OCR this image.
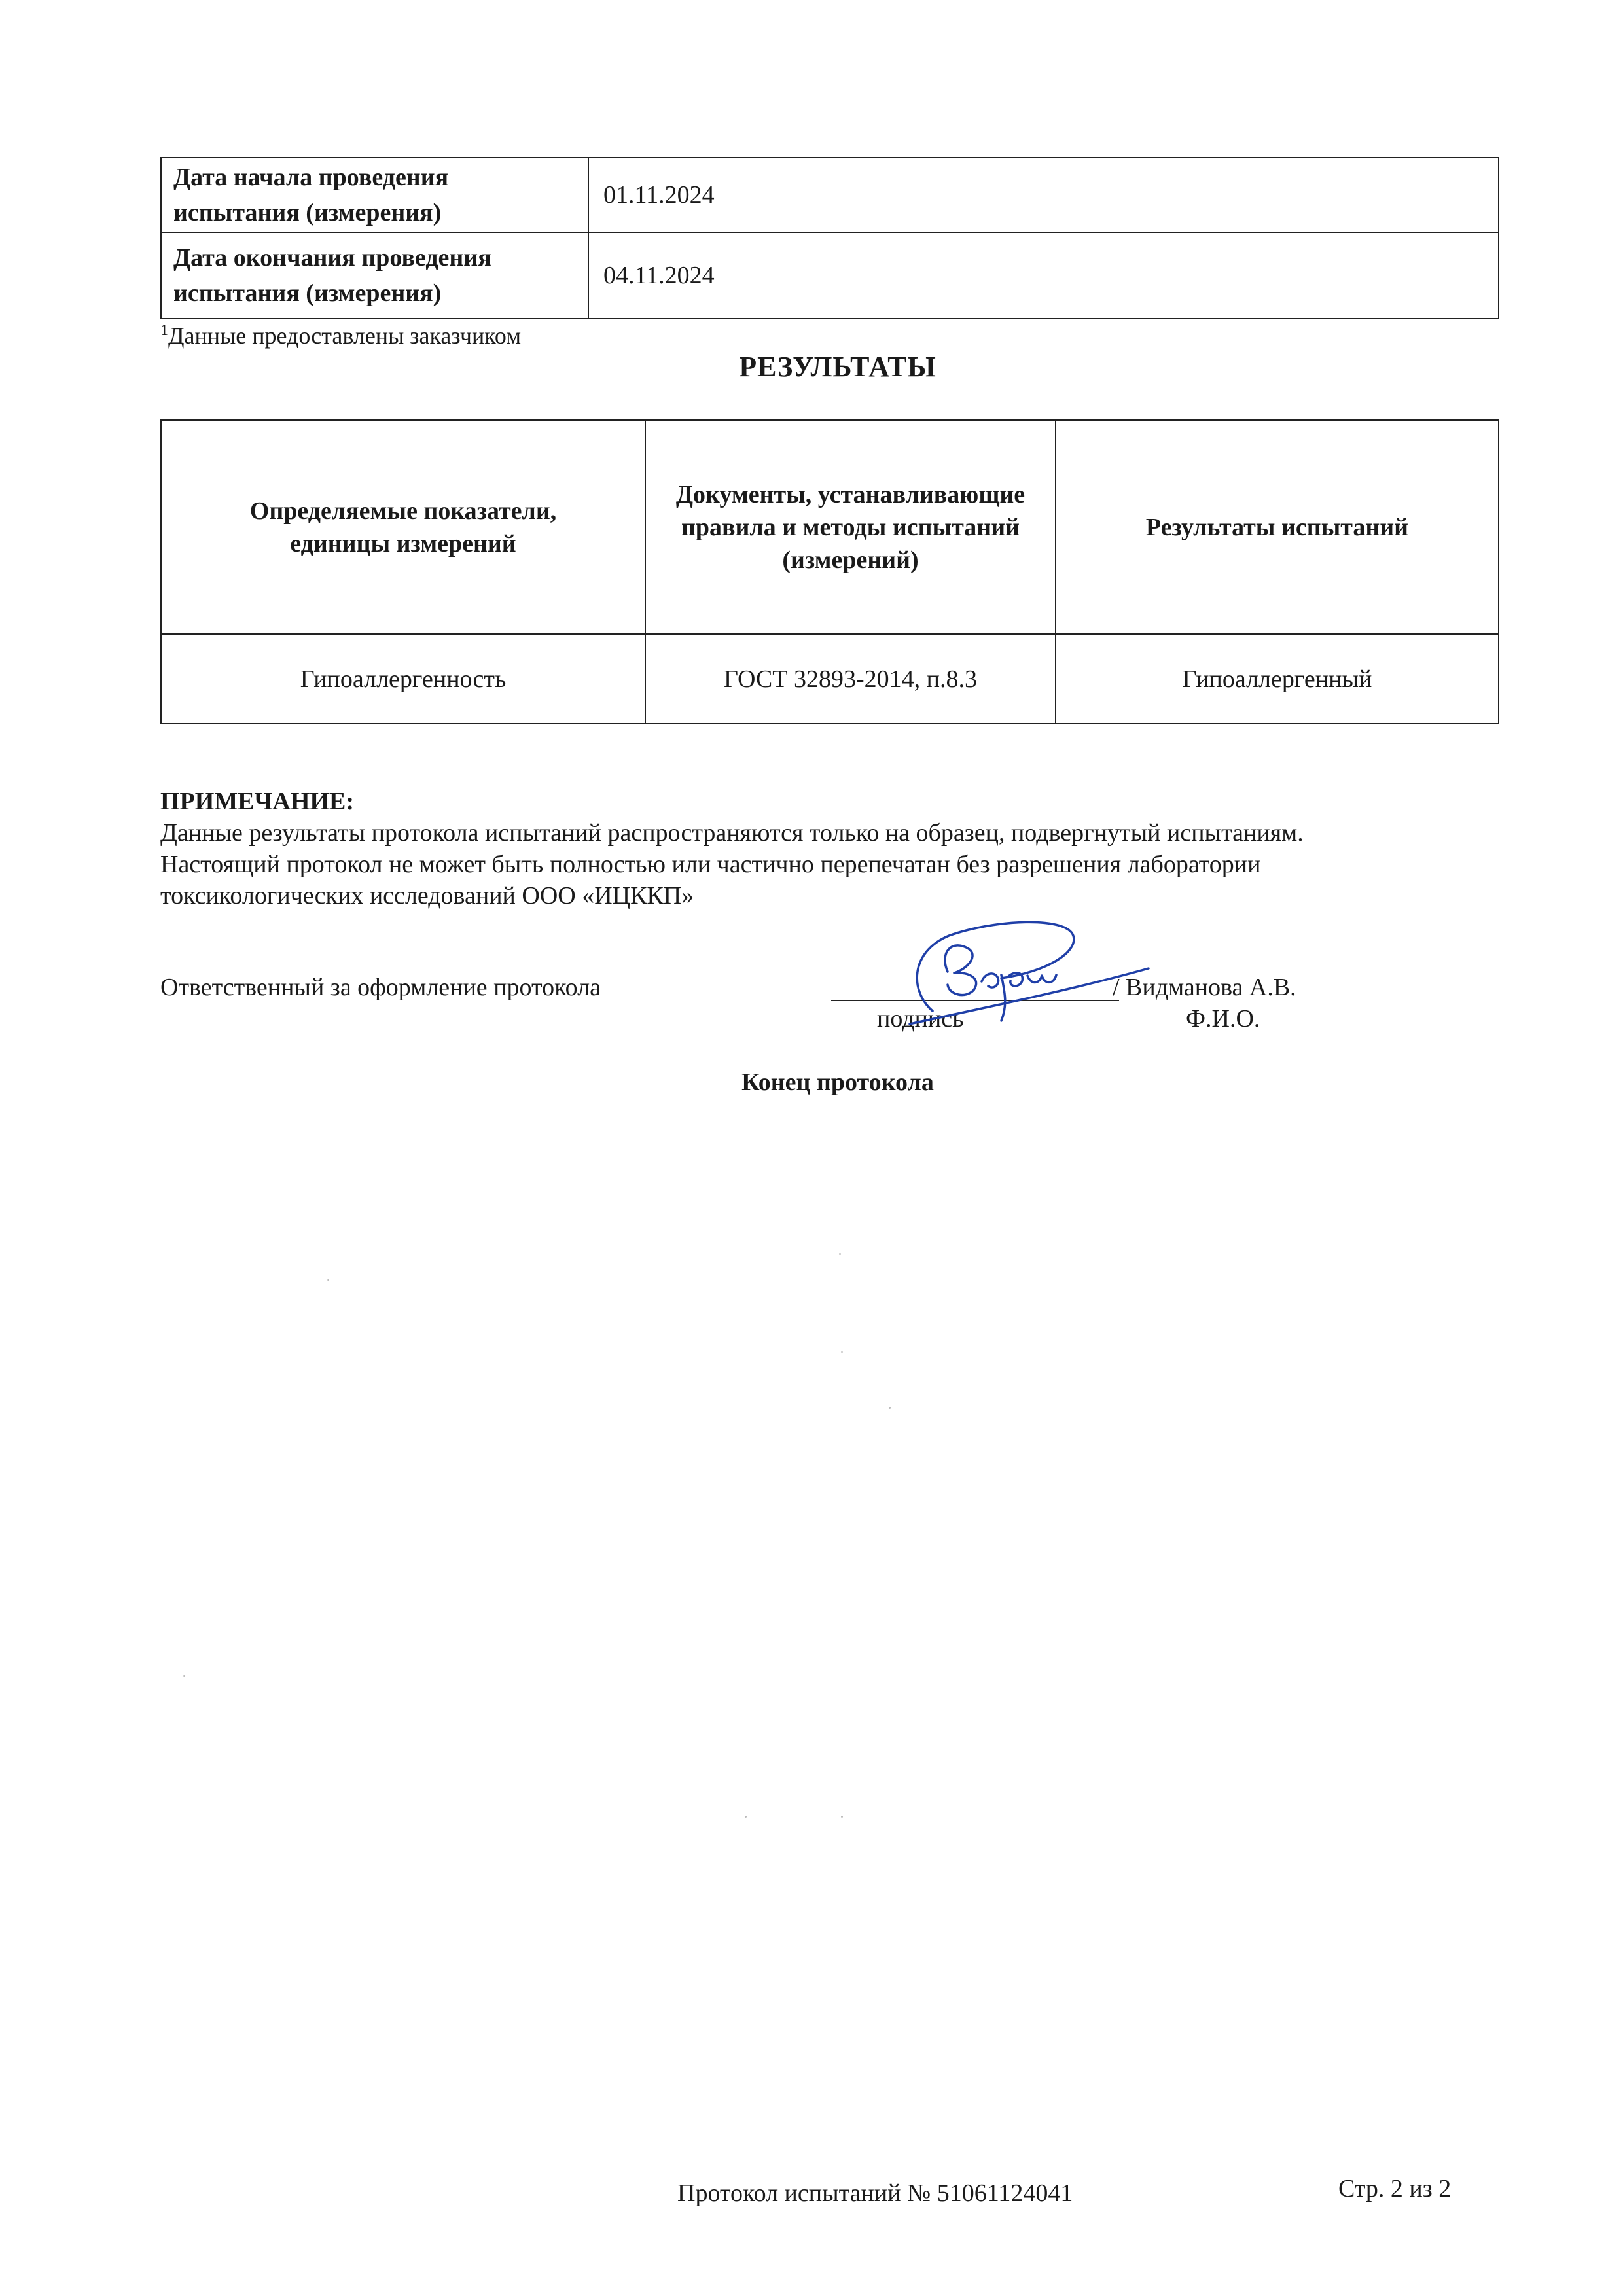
Дата начала проведения испытания (измерения)	01.11.2024
Дата окончания проведения испытания (измерения)	04.11.2024
$^1$Данные предоставлены заказчиком
РЕЗУЛЬТАТЫ
Определяемые показатели, единицы измерений	Документы, устанавливающие правила и методы испытаний (измерений)	Результаты испытаний
Гипоаллергенность	ГОСТ 32893-2014, п.8.3	Гипоаллергенный
ПРИМЕЧАНИЕ:
Данные результаты протокола испытаний распространяются только на образец, подвергнутый испытаниям.
Настоящий протокол не может быть полностью или частично перепечатан без разрешения лаборатории
токсикологических исследований ООО «ИЦККП»
Ответственный за оформление протокола
подпись
/ Видманова А.В.
Ф.И.О.
Конец протокола
Протокол испытаний № 51061124041	Стр. 2 из 2
